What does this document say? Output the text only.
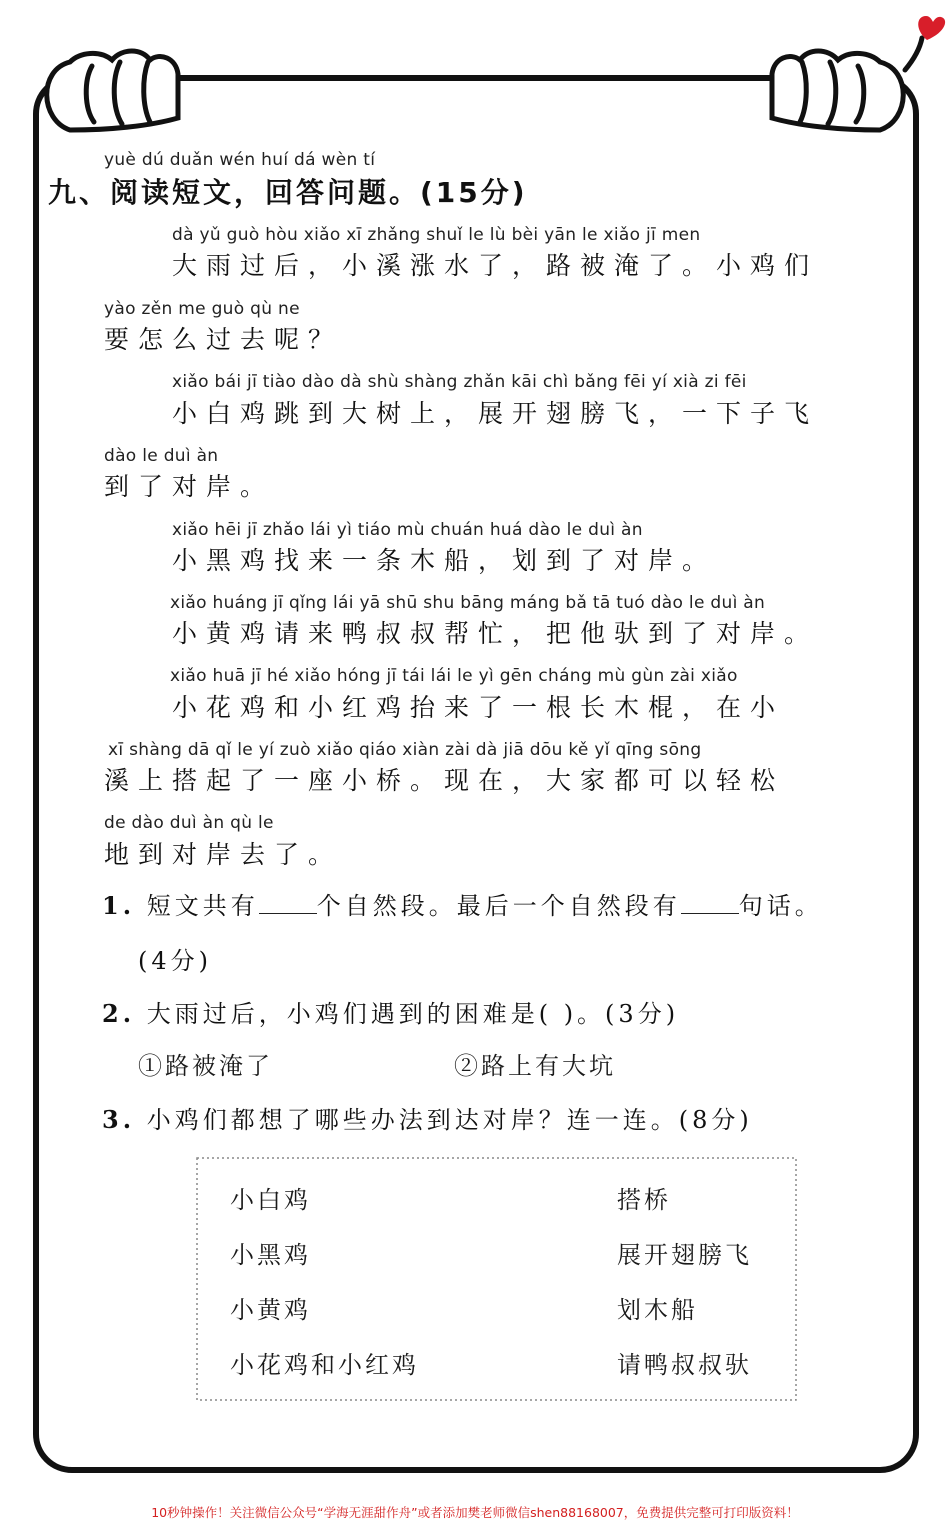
yuè dú duǎn wén huí dá wèn tí
九、阅读短文，回答问题。(15分)
dà yǔ guò hòu xiǎo xī zhǎng shuǐ le lù bèi yān le xiǎo jī men
大雨过后，小溪涨水了，路被淹了。小鸡们
yào zěn me guò qù ne
要怎么过去呢？
xiǎo bái jī tiào dào dà shù shàng zhǎn kāi chì bǎng fēi yí xià zi fēi
小白鸡跳到大树上，展开翅膀飞，一下子飞
dào le duì àn
到了对岸。
xiǎo hēi jī zhǎo lái yì tiáo mù chuán huá dào le duì àn
小黑鸡找来一条木船，划到了对岸。
xiǎo huáng jī qǐng lái yā shū shu bāng máng bǎ tā tuó dào le duì àn
小黄鸡请来鸭叔叔帮忙，把他驮到了对岸。
xiǎo huā jī hé xiǎo hóng jī tái lái le yì gēn cháng mù gùn zài xiǎo
小花鸡和小红鸡抬来了一根长木棍，在小
xī shàng dā qǐ le yí zuò xiǎo qiáo xiàn zài dà jiā dōu kě yǐ qīng sōng
溪上搭起了一座小桥。现在，大家都可以轻松
de dào duì àn qù le
地到对岸去了。
1. 短文共有 个自然段。最后一个自然段有 句话。
(4分)
2. 大雨过后，小鸡们遇到的困难是( )。(3分)
①路被淹了	②路上有大坑
3. 小鸡们都想了哪些办法到达对岸？连一连。(8分)
小白鸡
小黑鸡
小黄鸡
小花鸡和小红鸡
搭桥
展开翅膀飞
划木船
请鸭叔叔驮
10秒钟操作！关注微信公众号“学海无涯甜作舟”或者添加樊老师微信shen88168007，免费提供完整可打印版资料！
